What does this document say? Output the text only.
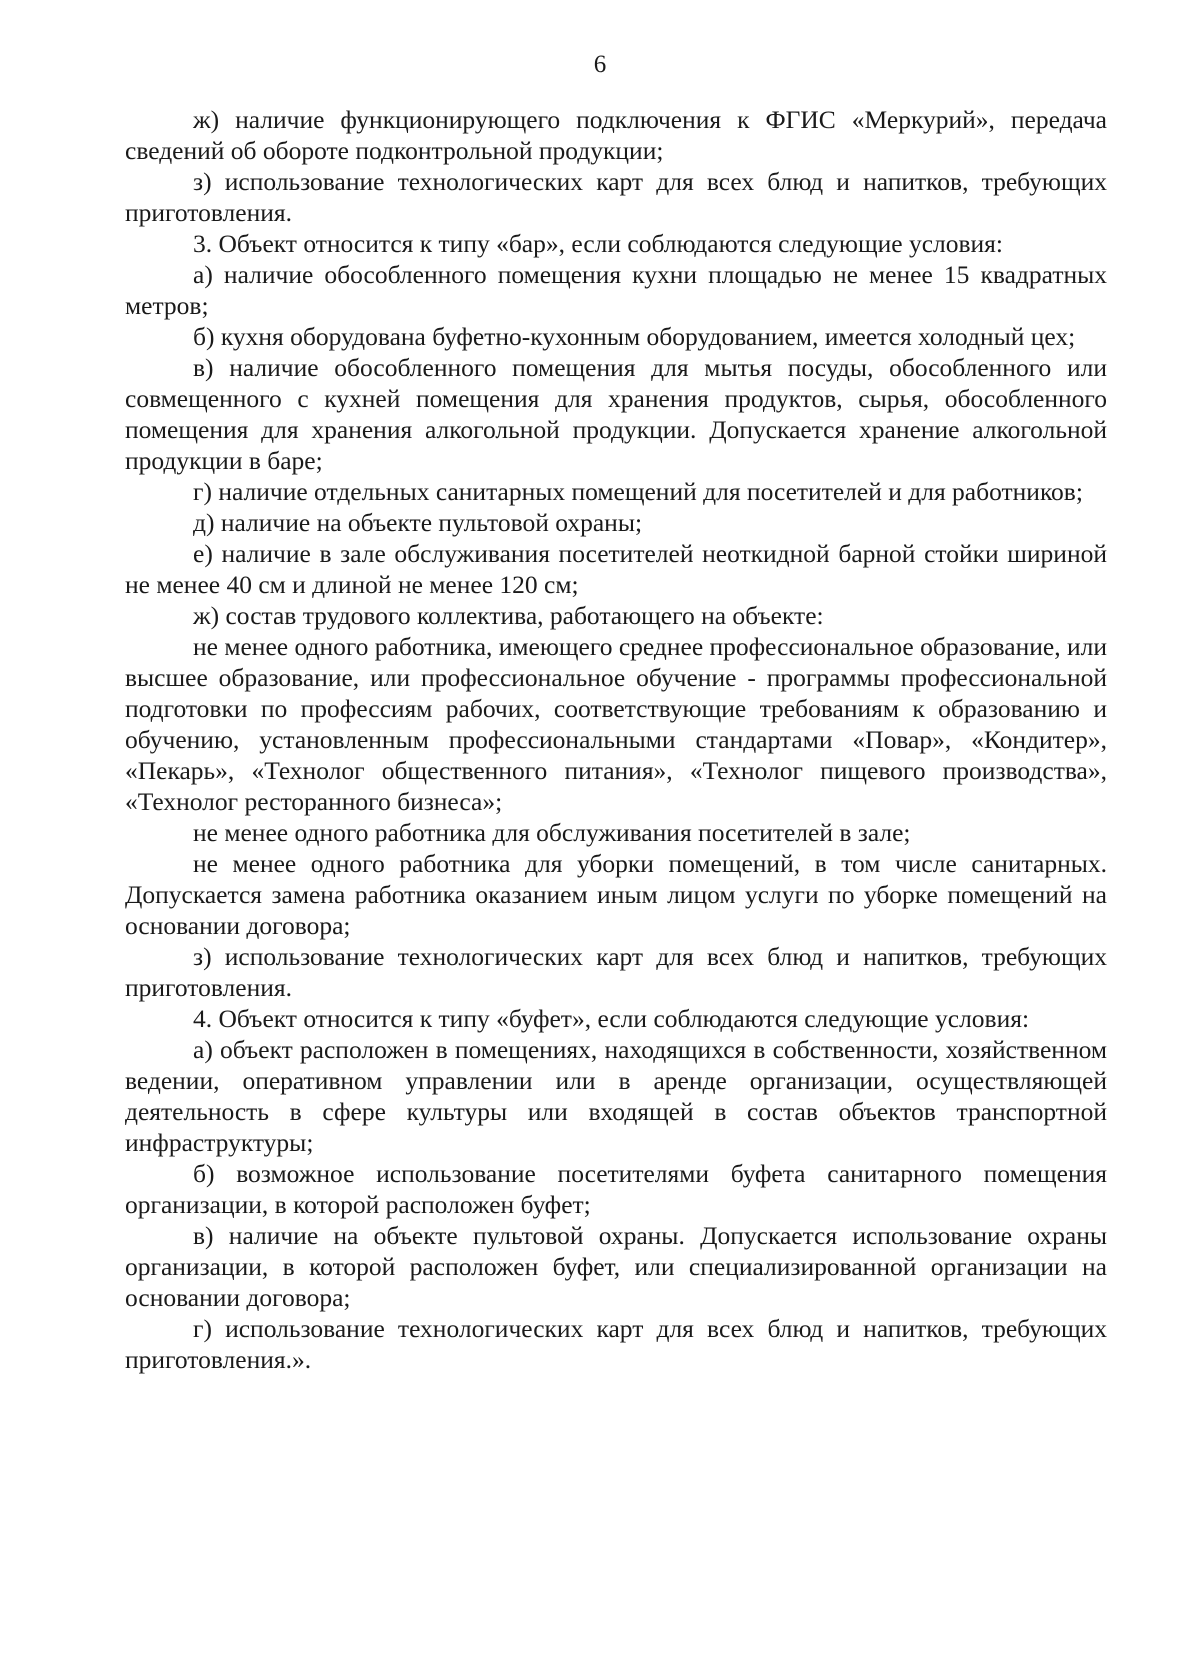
6

ж) наличие функционирующего подключения к ФГИС «Меркурий», передача сведений об обороте подконтрольной продукции;

з) использование технологических карт для всех блюд и напитков, требующих приготовления.

3. Объект относится к типу «бар», если соблюдаются следующие условия:

а) наличие обособленного помещения кухни площадью не менее 15 квадратных метров;

б) кухня оборудована буфетно-кухонным оборудованием, имеется холодный цех;

в) наличие обособленного помещения для мытья посуды, обособленного или совмещенного с кухней помещения для хранения продуктов, сырья, обособленного помещения для хранения алкогольной продукции. Допускается хранение алкогольной продукции в баре;

г) наличие отдельных санитарных помещений для посетителей и для работников;

д) наличие на объекте пультовой охраны;

е) наличие в зале обслуживания посетителей неоткидной барной стойки шириной не менее 40 см и длиной не менее 120 см;

ж) состав трудового коллектива, работающего на объекте:

не менее одного работника, имеющего среднее профессиональное образование, или высшее образование, или профессиональное обучение - программы профессиональной подготовки по профессиям рабочих, соответствующие требованиям к образованию и обучению, установленным профессиональными стандартами «Повар», «Кондитер», «Пекарь», «Технолог общественного питания», «Технолог пищевого производства», «Технолог ресторанного бизнеса»;

не менее одного работника для обслуживания посетителей в зале;

не менее одного работника для уборки помещений, в том числе санитарных. Допускается замена работника оказанием иным лицом услуги по уборке помещений на основании договора;

з) использование технологических карт для всех блюд и напитков, требующих приготовления.

4. Объект относится к типу «буфет», если соблюдаются следующие условия:

а) объект расположен в помещениях, находящихся в собственности, хозяйственном ведении, оперативном управлении или в аренде организации, осуществляющей деятельность в сфере культуры или входящей в состав объектов транспортной инфраструктуры;

б) возможное использование посетителями буфета санитарного помещения организации, в которой расположен буфет;

в) наличие на объекте пультовой охраны. Допускается использование охраны организации, в которой расположен буфет, или специализированной организации на основании договора;

г) использование технологических карт для всех блюд и напитков, требующих приготовления.».
